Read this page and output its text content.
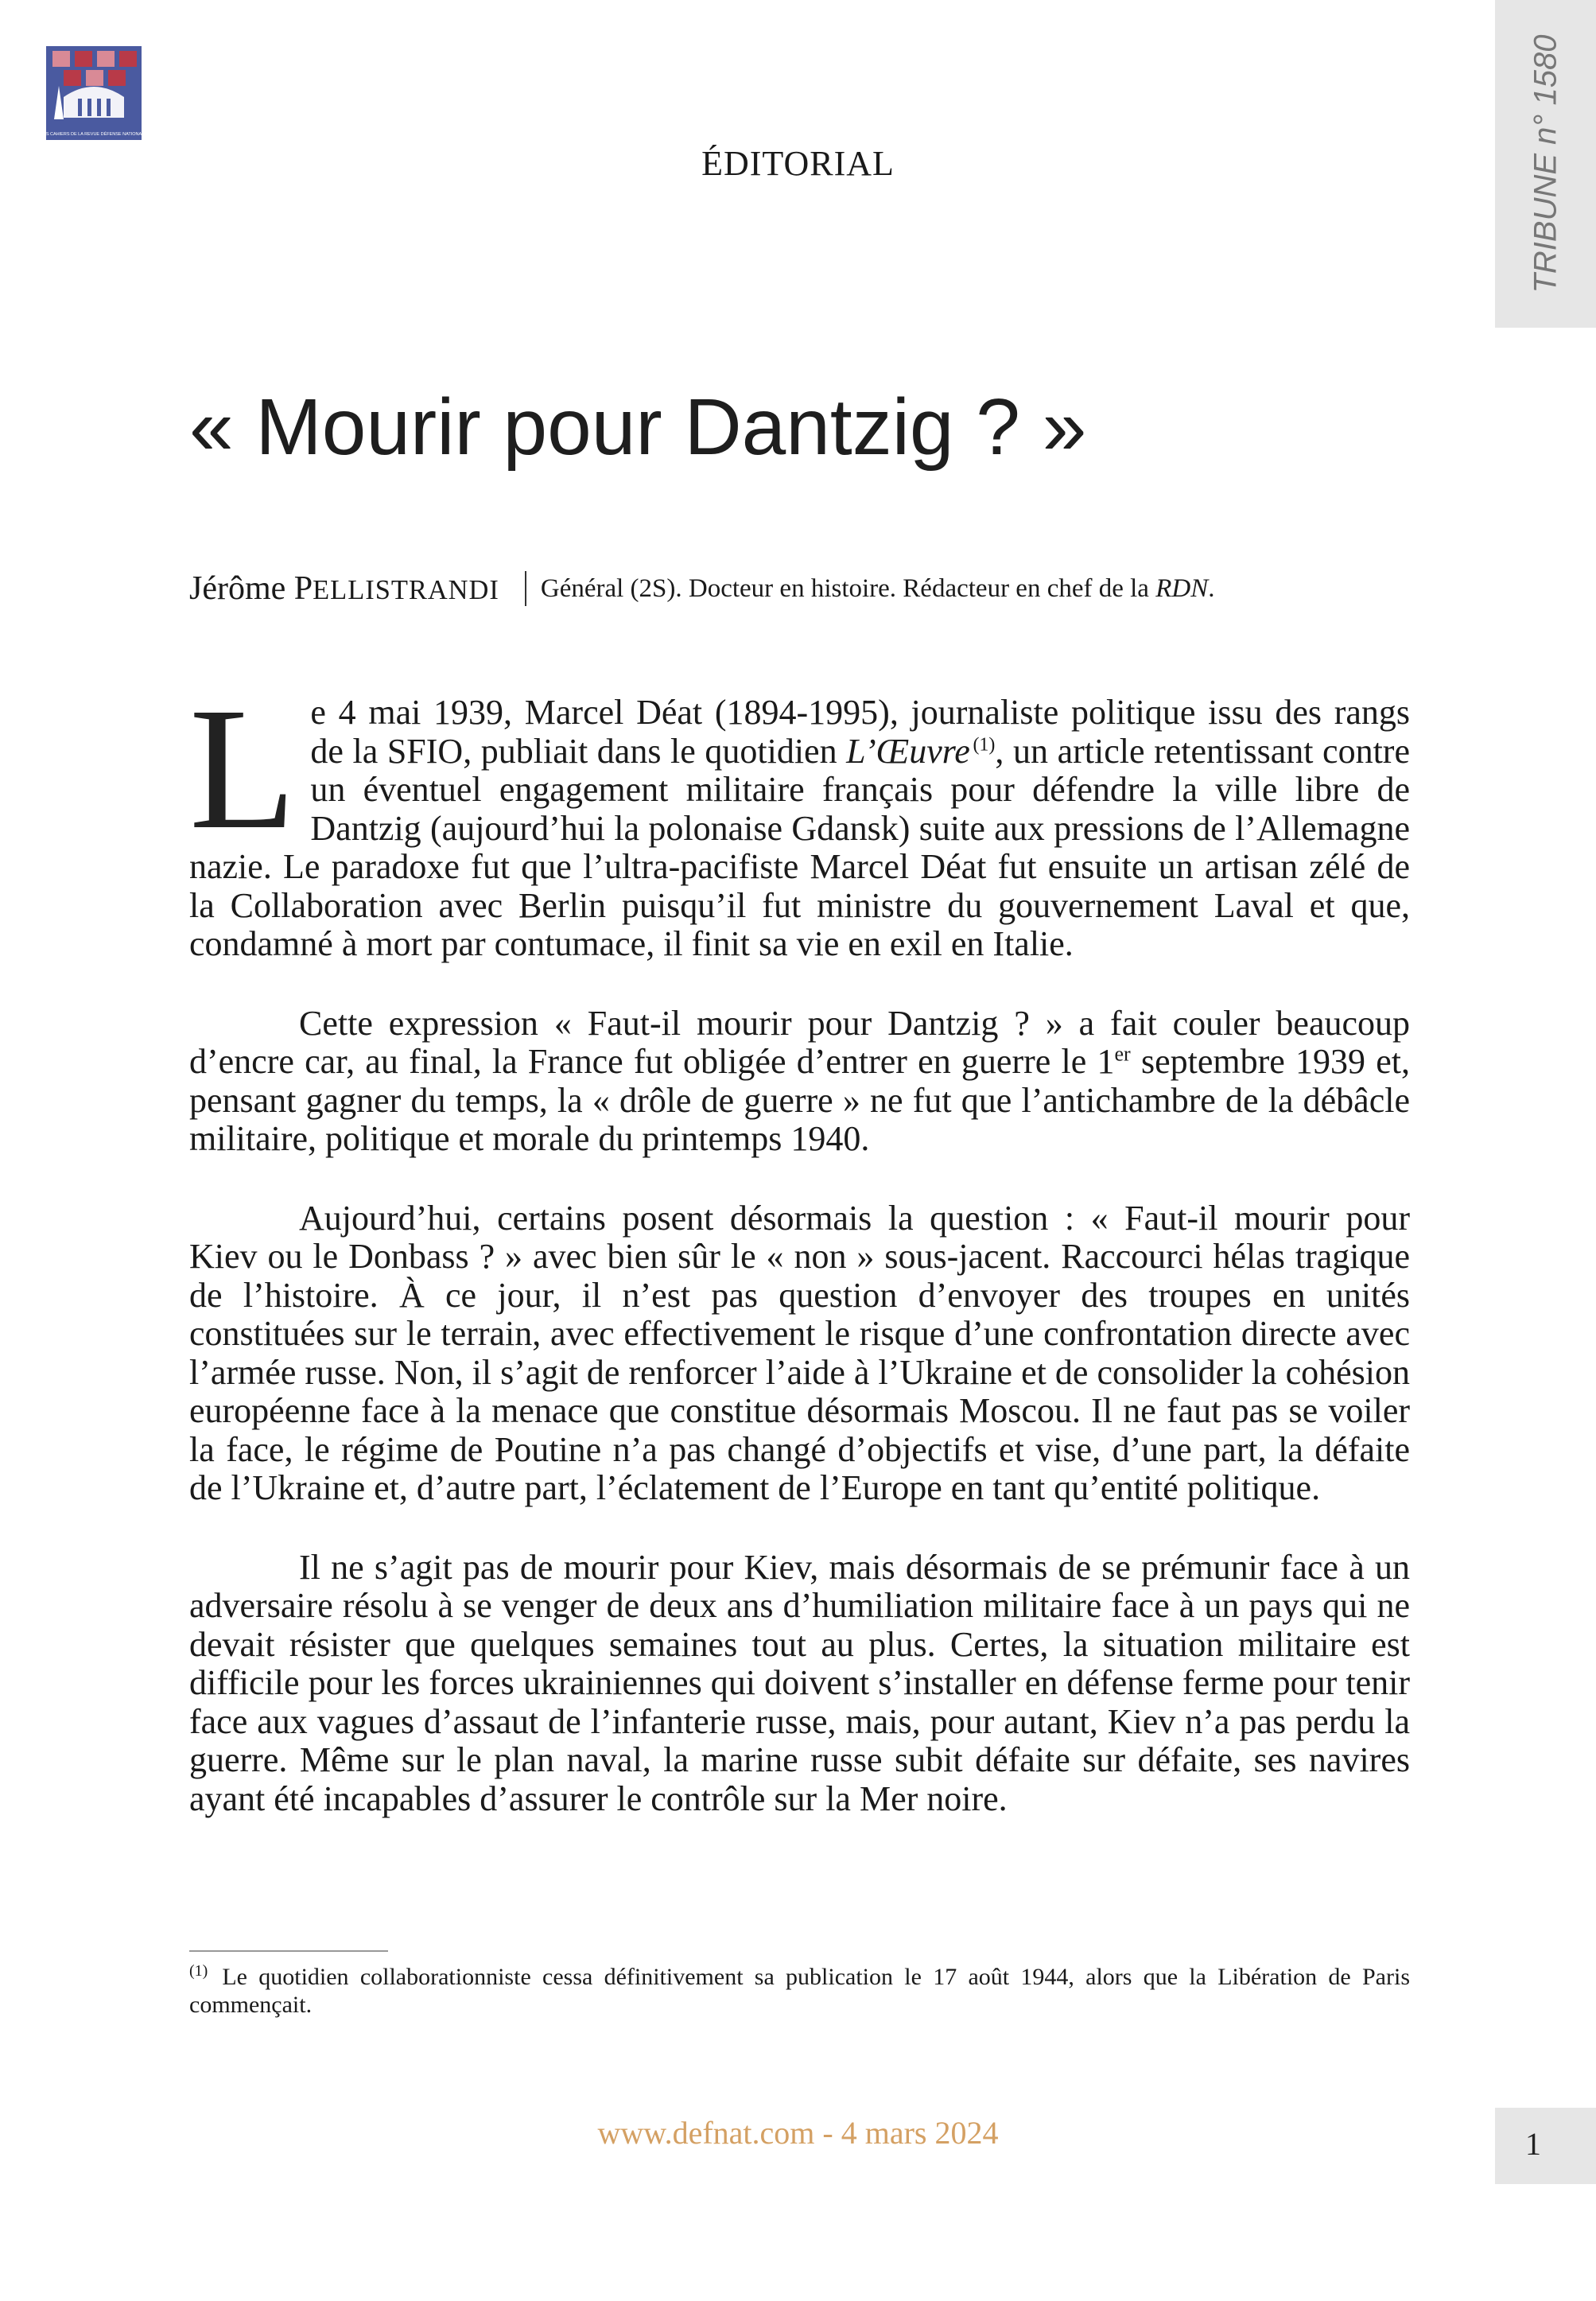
LES CAHIERS DE LA REVUE DÉFENSE NATIONALE	TRIBUNE n° 1580
ÉDITORIAL
« Mourir pour Dantzig ? »
Jérôme PELLISTRANDI Général (2S). Docteur en histoire. Rédacteur en chef de la RDN.

Le 4 mai 1939, Marcel Déat (1894-1995), journaliste politique issu des rangs de la SFIO, publiait dans le quotidien L’Œuvre  $^{(1)}$, un article retentissant contre un éventuel engagement militaire français pour défendre la ville libre de Dantzig (aujourd’hui la polonaise Gdansk) suite aux pressions de l’Allemagne nazie. Le paradoxe fut que l’ultra-pacifiste Marcel Déat fut ensuite un artisan zélé de la Collaboration avec Berlin puisqu’il fut ministre du gouvernement Laval et que, condamné à mort par contumace, il finit sa vie en exil en Italie.

Cette expression « Faut-il mourir pour Dantzig ? » a fait couler beaucoup d’encre car, au final, la France fut obligée d’entrer en guerre le 1er septembre 1939 et, pensant gagner du temps, la « drôle de guerre » ne fut que l’antichambre de la débâcle militaire, politique et morale du printemps 1940.

Aujourd’hui, certains posent désormais la question : « Faut-il mourir pour Kiev ou le Donbass ? » avec bien sûr le « non » sous-jacent. Raccourci hélas tragique de l’histoire. À ce jour, il n’est pas question d’envoyer des troupes en unités constituées sur le terrain, avec effectivement le risque d’une confrontation directe avec l’armée russe. Non, il s’agit de renforcer l’aide à l’Ukraine et de consolider la cohésion européenne face à la menace que constitue désormais Moscou. Il ne faut pas se voiler la face, le régime de Poutine n’a pas changé d’objectifs et vise, d’une part, la défaite de l’Ukraine et, d’autre part, l’éclatement de l’Europe en tant qu’entité politique.

Il ne s’agit pas de mourir pour Kiev, mais désormais de se prémunir face à un adversaire résolu à se venger de deux ans d’humiliation militaire face à un pays qui ne devait résister que quelques semaines tout au plus. Certes, la situation militaire est difficile pour les forces ukrainiennes qui doivent s’installer en défense ferme pour tenir face aux vagues d’assaut de l’infanterie russe, mais, pour autant, Kiev n’a pas perdu la guerre. Même sur le plan naval, la marine russe subit défaite sur défaite, ses navires ayant été incapables d’assurer le contrôle sur la Mer noire.

$^{(1)}$ Le quotidien collaborationniste cessa définitivement sa publication le 17 août 1944, alors que la Libération de Paris commençait.
www.defnat.com - 4 mars 2024	1
